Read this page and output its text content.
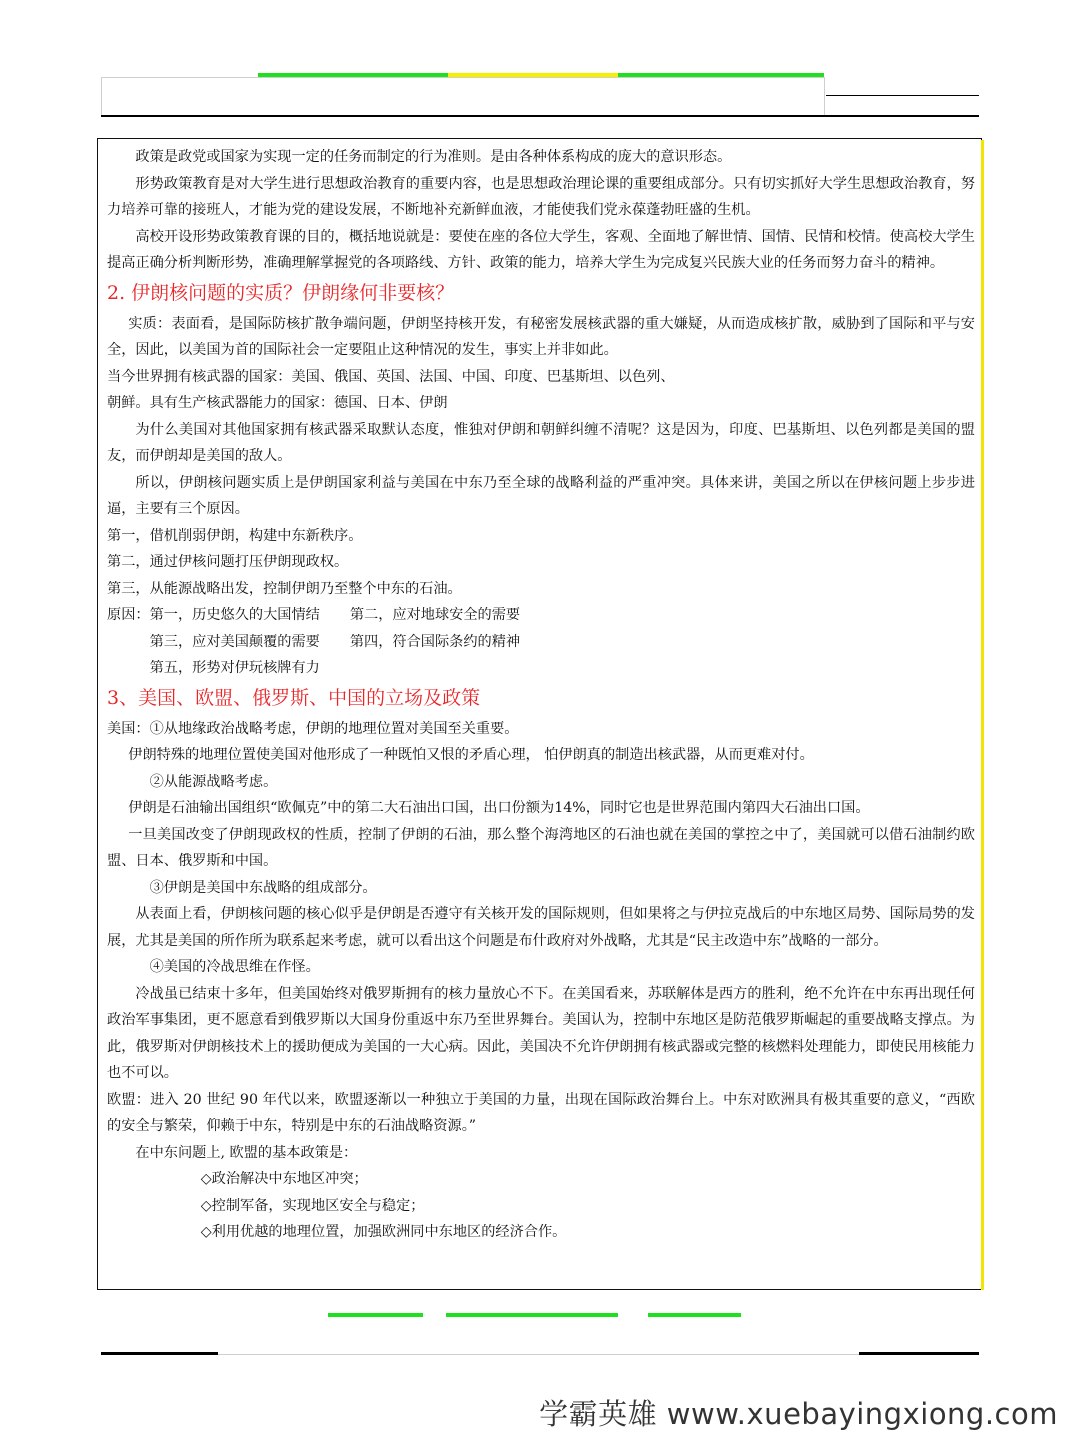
政策是政党或国家为实现一定的任务而制定的行为准则。是由各种体系构成的庞大的意识形态。

形势政策教育是对大学生进行思想政治教育的重要内容，也是思想政治理论课的重要组成部分。只有切实抓好大学生思想政治教育，努力培养可靠的接班人，才能为党的建设发展，不断地补充新鲜血液，才能使我们党永葆蓬勃旺盛的生机。

高校开设形势政策教育课的目的，概括地说就是：要使在座的各位大学生，客观、全面地了解世情、国情、民情和校情。使高校大学生提高正确分析判断形势，准确理解掌握党的各项路线、方针、政策的能力，培养大学生为完成复兴民族大业的任务而努力奋斗的精神。

2. 伊朗核问题的实质？伊朗缘何非要核？

实质：表面看，是国际防核扩散争端问题，伊朗坚持核开发，有秘密发展核武器的重大嫌疑，从而造成核扩散，威胁到了国际和平与安全，因此，以美国为首的国际社会一定要阻止这种情况的发生，事实上并非如此。

当今世界拥有核武器的国家：美国、俄国、英国、法国、中国、印度、巴基斯坦、以色列、

朝鲜。具有生产核武器能力的国家：德国、日本、伊朗

为什么美国对其他国家拥有核武器采取默认态度，惟独对伊朗和朝鲜纠缠不清呢？这是因为，印度、巴基斯坦、以色列都是美国的盟友，而伊朗却是美国的敌人。

所以，伊朗核问题实质上是伊朗国家利益与美国在中东乃至全球的战略利益的严重冲突。具体来讲，美国之所以在伊核问题上步步进逼，主要有三个原因。

第一，借机削弱伊朗，构建中东新秩序。

第二，通过伊核问题打压伊朗现政权。

第三，从能源战略出发，控制伊朗乃至整个中东的石油。

原因：第一，历史悠久的大国情结 第二，应对地球安全的需要

第三，应对美国颠覆的需要 第四，符合国际条约的精神

第五，形势对伊玩核牌有力

3、美国、欧盟、俄罗斯、中国的立场及政策

美国：①从地缘政治战略考虑，伊朗的地理位置对美国至关重要。

伊朗特殊的地理位置使美国对他形成了一种既怕又恨的矛盾心理， 怕伊朗真的制造出核武器，从而更难对付。

②从能源战略考虑。

伊朗是石油输出国组织“欧佩克”中的第二大石油出口国，出口份额为14%，同时它也是世界范围内第四大石油出口国。

一旦美国改变了伊朗现政权的性质，控制了伊朗的石油，那么整个海湾地区的石油也就在美国的掌控之中了，美国就可以借石油制约欧盟、日本、俄罗斯和中国。

③伊朗是美国中东战略的组成部分。

从表面上看，伊朗核问题的核心似乎是伊朗是否遵守有关核开发的国际规则，但如果将之与伊拉克战后的中东地区局势、国际局势的发展，尤其是美国的所作所为联系起来考虑，就可以看出这个问题是布什政府对外战略，尤其是“民主改造中东”战略的一部分。

④美国的冷战思维在作怪。

冷战虽已结束十多年，但美国始终对俄罗斯拥有的核力量放心不下。在美国看来，苏联解体是西方的胜利，绝不允许在中东再出现任何政治军事集团，更不愿意看到俄罗斯以大国身份重返中东乃至世界舞台。美国认为，控制中东地区是防范俄罗斯崛起的重要战略支撑点。为此，俄罗斯对伊朗核技术上的援助便成为美国的一大心病。因此，美国决不允许伊朗拥有核武器或完整的核燃料处理能力，即使民用核能力也不可以。

欧盟：进入 20 世纪 90 年代以来，欧盟逐渐以一种独立于美国的力量，出现在国际政治舞台上。中东对欧洲具有极其重要的意义，“西欧的安全与繁荣，仰赖于中东，特别是中东的石油战略资源。”

在中东问题上, 欧盟的基本政策是：

◇政治解决中东地区冲突；

◇控制军备，实现地区安全与稳定；

◇利用优越的地理位置，加强欧洲同中东地区的经济合作。

学霸英雄 www.xuebayingxiong.com
